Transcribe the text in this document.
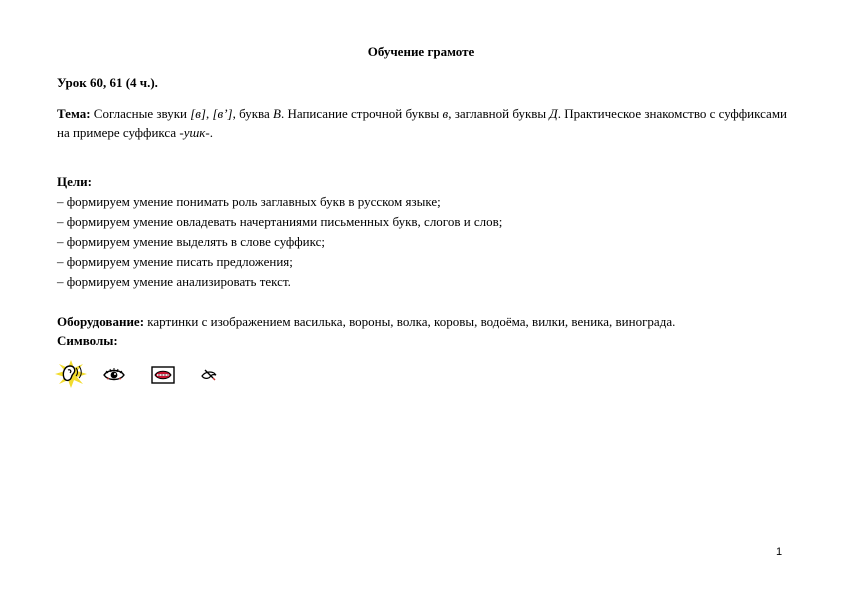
Обучение грамоте
Урок 60, 61 (4 ч.).
Тема: Согласные звуки [в], [в’], буква В. Написание строчной буквы в, заглавной буквы Д. Практическое знакомство с суффиксами на примере суффикса -ушк-.
Цели:
– формируем умение понимать роль заглавных букв в русском языке;
– формируем умение овладевать начертаниями письменных букв, слогов и слов;
– формируем умение выделять в слове суффикс;
– формируем умение писать предложения;
– формируем умение анализировать текст.
Оборудование: картинки с изображением василька, вороны, волка, коровы, водоёма, вилки, веника, винограда.
Символы:
1
